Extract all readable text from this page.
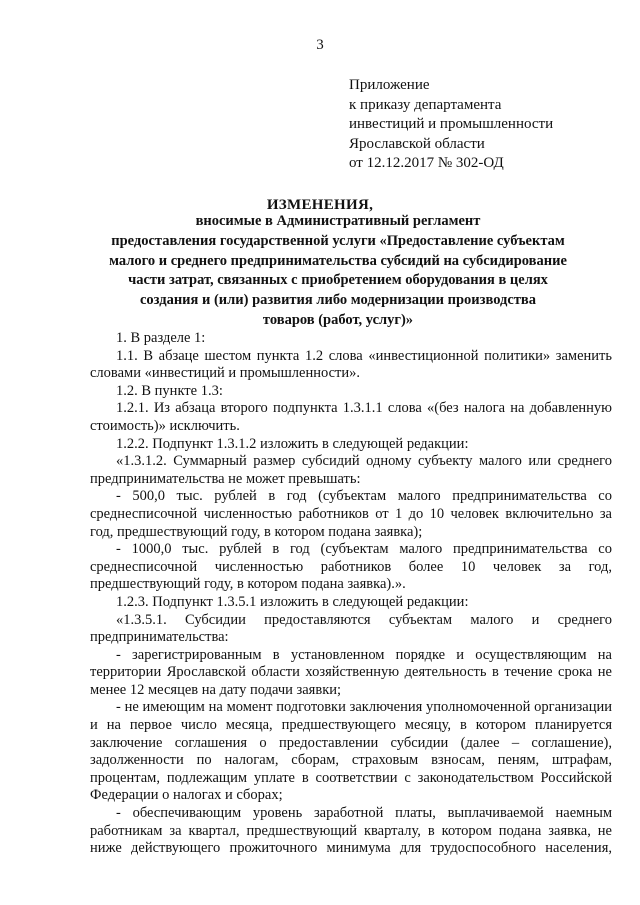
3
Приложение
к приказу департамента
инвестиций и промышленности
Ярославской области
от 12.12.2017 № 302-ОД
ИЗМЕНЕНИЯ,
вносимые в Административный регламент
предоставления государственной услуги «Предоставление субъектам
малого и среднего предпринимательства субсидий на субсидирование
части затрат, связанных с приобретением оборудования в целях
создания и (или) развития либо модернизации производства
товаров (работ, услуг)»

1. В разделе 1:

1.1. В абзаце шестом пункта 1.2 слова «инвестиционной политики» заменить словами «инвестиций и промышленности».

1.2. В пункте 1.3:

1.2.1. Из абзаца второго подпункта 1.3.1.1 слова «(без налога на добавленную стоимость)» исключить.

1.2.2. Подпункт 1.3.1.2 изложить в следующей редакции:

«1.3.1.2. Суммарный размер субсидий одному субъекту малого или среднего предпринимательства не может превышать:

- 500,0 тыс. рублей в год (субъектам малого предпринимательства со среднесписочной численностью работников от 1 до 10 человек включительно за год, предшествующий году, в котором подана заявка);

- 1000,0 тыс. рублей в год (субъектам малого предпринимательства со среднесписочной численностью работников более 10 человек за год, предшествующий году, в котором подана заявка).».

1.2.3. Подпункт 1.3.5.1 изложить в следующей редакции:

«1.3.5.1. Субсидии предоставляются субъектам малого и среднего предпринимательства:

- зарегистрированным в установленном порядке и осуществляющим на территории Ярославской области хозяйственную деятельность в течение срока не менее 12 месяцев на дату подачи заявки;

- не имеющим на момент подготовки заключения уполномоченной организации и на первое число месяца, предшествующего месяцу, в котором планируется заключение соглашения о предоставлении субсидии (далее – соглашение), задолженности по налогам, сборам, страховым взносам, пеням, штрафам, процентам, подлежащим уплате в соответствии с законодательством Российской Федерации о налогах и сборах;

- обеспечивающим уровень заработной платы, выплачиваемой наемным работникам за квартал, предшествующий кварталу, в котором подана заявка, не ниже действующего прожиточного минимума для трудоспособного населения,
